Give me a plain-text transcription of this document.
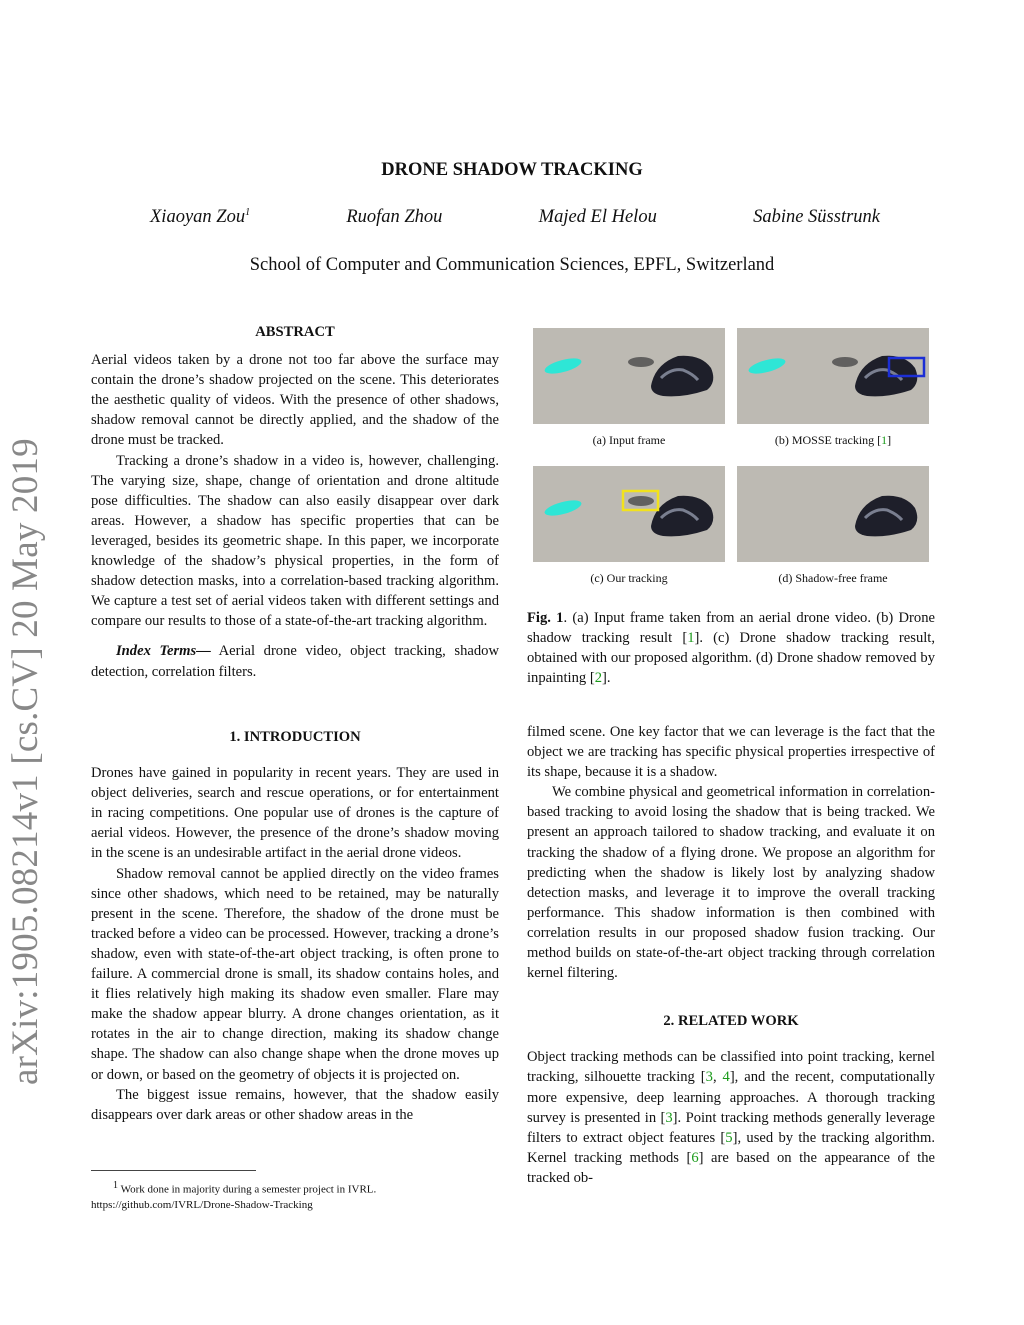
arXiv:1905.08214v1 [cs.CV] 20 May 2019
DRONE SHADOW TRACKING
Xiaoyan Zou$^1$	Ruofan Zhou	Majed El Helou	Sabine Süsstrunk
School of Computer and Communication Sciences, EPFL, Switzerland

ABSTRACT

Aerial videos taken by a drone not too far above the surface may contain the drone’s shadow projected on the scene. This deteriorates the aesthetic quality of videos. With the presence of other shadows, shadow removal cannot be directly applied, and the shadow of the drone must be tracked.

Tracking a drone’s shadow in a video is, however, challenging. The varying size, shape, change of orientation and drone altitude pose difficulties. The shadow can also easily disappear over dark areas. However, a shadow has specific properties that can be leveraged, besides its geometric shape. In this paper, we incorporate knowledge of the shadow’s physical properties, in the form of shadow detection masks, into a correlation-based tracking algorithm. We capture a test set of aerial videos taken with different settings and compare our results to those of a state-of-the-art tracking algorithm.

Index Terms— Aerial drone video, object tracking, shadow detection, correlation filters.

1. INTRODUCTION

Drones have gained in popularity in recent years. They are used in object deliveries, search and rescue operations, or for entertainment in racing competitions. One popular use of drones is the capture of aerial videos. However, the presence of the drone’s shadow moving in the scene is an undesirable artifact in the aerial drone videos.

Shadow removal cannot be applied directly on the video frames since other shadows, which need to be retained, may be naturally present in the scene. Therefore, the shadow of the drone must be tracked before a video can be processed. However, tracking a drone’s shadow, even with state-of-the-art object tracking, is often prone to failure. A commercial drone is small, its shadow contains holes, and it flies relatively high making its shadow even smaller. Flare may make the shadow appear blurry. A drone changes orientation, as it rotates in the air to change direction, making its shadow change shape. The shadow can also change shape when the drone moves up or down, or based on the geometry of objects it is projected on.

The biggest issue remains, however, that the shadow easily disappears over dark areas or other shadow areas in the

$^1$ Work done in majority during a semester project in IVRL.
https://github.com/IVRL/Drone-Shadow-Tracking
(a) Input frame	(b) MOSSE tracking [1]
(c) Our tracking	(d) Shadow-free frame

Fig. 1. (a) Input frame taken from an aerial drone video. (b) Drone shadow tracking result [1]. (c) Drone shadow tracking result, obtained with our proposed algorithm. (d) Drone shadow removed by inpainting [2].

filmed scene. One key factor that we can leverage is the fact that the object we are tracking has specific physical properties irrespective of its shape, because it is a shadow.

We combine physical and geometrical information in correlation-based tracking to avoid losing the shadow that is being tracked. We present an approach tailored to shadow tracking, and evaluate it on tracking the shadow of a flying drone. We propose an algorithm for predicting when the shadow is likely lost by analyzing shadow detection masks, and leverage it to improve the overall tracking performance. This shadow information is then combined with correlation results in our proposed shadow fusion tracking. Our method builds on state-of-the-art object tracking through correlation kernel filtering.

2. RELATED WORK

Object tracking methods can be classified into point tracking, kernel tracking, silhouette tracking [3, 4], and the recent, computationally more expensive, deep learning approaches. A thorough tracking survey is presented in [3]. Point tracking methods generally leverage filters to extract object features [5], used by the tracking algorithm. Kernel tracking methods [6] are based on the appearance of the tracked ob-
